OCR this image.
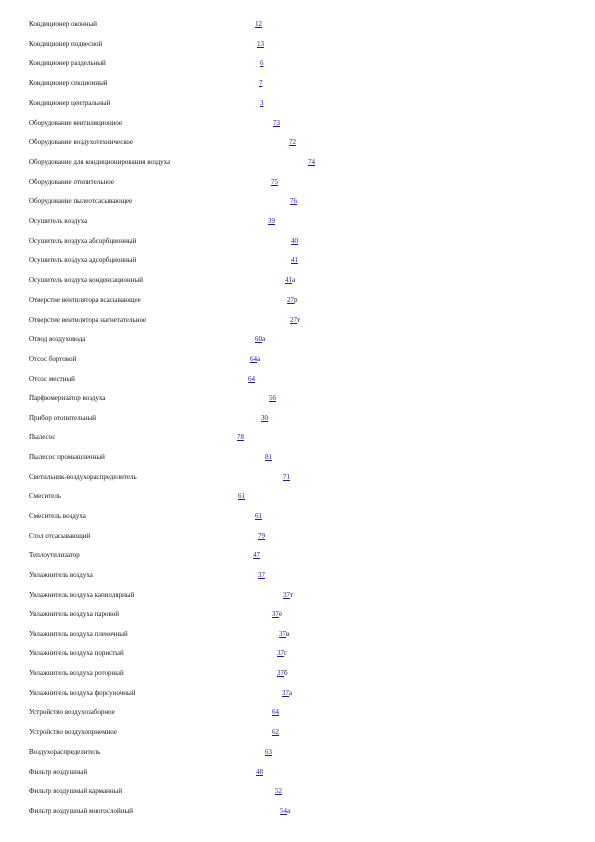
Кондиционер оконный	12
Кондиционер подвесной	13
Кондиционер раздельный	6
Кондиционер секционный	7
Кондиционер центральный	3
Оборудование вентиляционное	73
Оборудование воздухотехническое	72
Оборудование для кондиционирования воздуха	74
Оборудование отопительное	75
Оборудование пылеотсасывающее	76
Осушитель воздуха	39
Осушитель воздуха абсорбционный	40
Осушитель воздуха адсорбционный	41
Осушитель воздуха конденсационный	41а
Отверстие вентилятора всасывающее	27р
Отверстие вентилятора нагнетательное	27т
Отвод воздуховода	60а
Отсос бортовой	64а
Отсос местный	64
Парфюмеризатор воздуха	56
Прибор отопительный	30
Пылесос	78
Пылесос промышленный	81
Светильник-воздухораспределитель	71
Смеситель	61
Смеситель воздуха	61
Стол отсасывающий	79
Теплоутилизатор	47
Увлажнитель воздуха	37
Увлажнитель воздуха капиллярный	37т
Увлажнитель воздуха паровой	37е
Увлажнитель воздуха пленочный	37в
Увлажнитель воздуха пористый	37г
Увлажнитель воздуха роторный	37б
Увлажнитель воздуха форсуночный	37а
Устройство воздухозаборное	64
Устройство воздухоприемное	62
Воздухораспределитель	63
Фильтр воздушный	48
Фильтр воздушный карманный	52
Фильтр воздушный многослойный	54а
